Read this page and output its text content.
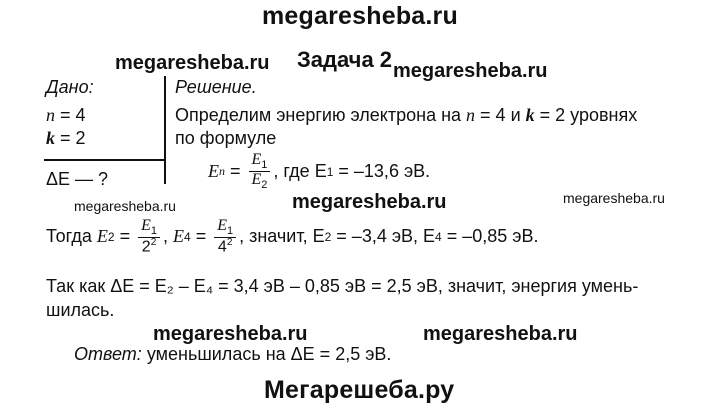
megaresheba.ru
megaresheba.ru Задача 2 megaresheba.ru
Дано:
n = 4
k = 2
ΔE — ?
Решение.
Определим энергию электрона на n = 4 и k = 2 уровнях
по формуле
E $n = \frac{E_1}{E_2}$ , где E 1 = –13,6 эВ.
megaresheba.ru	megaresheba.ru	megaresheba.ru
Тогда E $2 = \frac{E_1}{2^2}$ , E $4 = \frac{E_1}{4^2}$ , значит, E 2 = –3,4 эВ, E 4 = –0,85 эВ.
Так как ΔE = E₂ – E₄ = 3,4 эВ – 0,85 эВ = 2,5 эВ, значит, энергия умень-
шилась.
megaresheba.ru	megaresheba.ru
Ответ: уменьшилась на ΔE = 2,5 эВ.
Мегарешеба.ру
